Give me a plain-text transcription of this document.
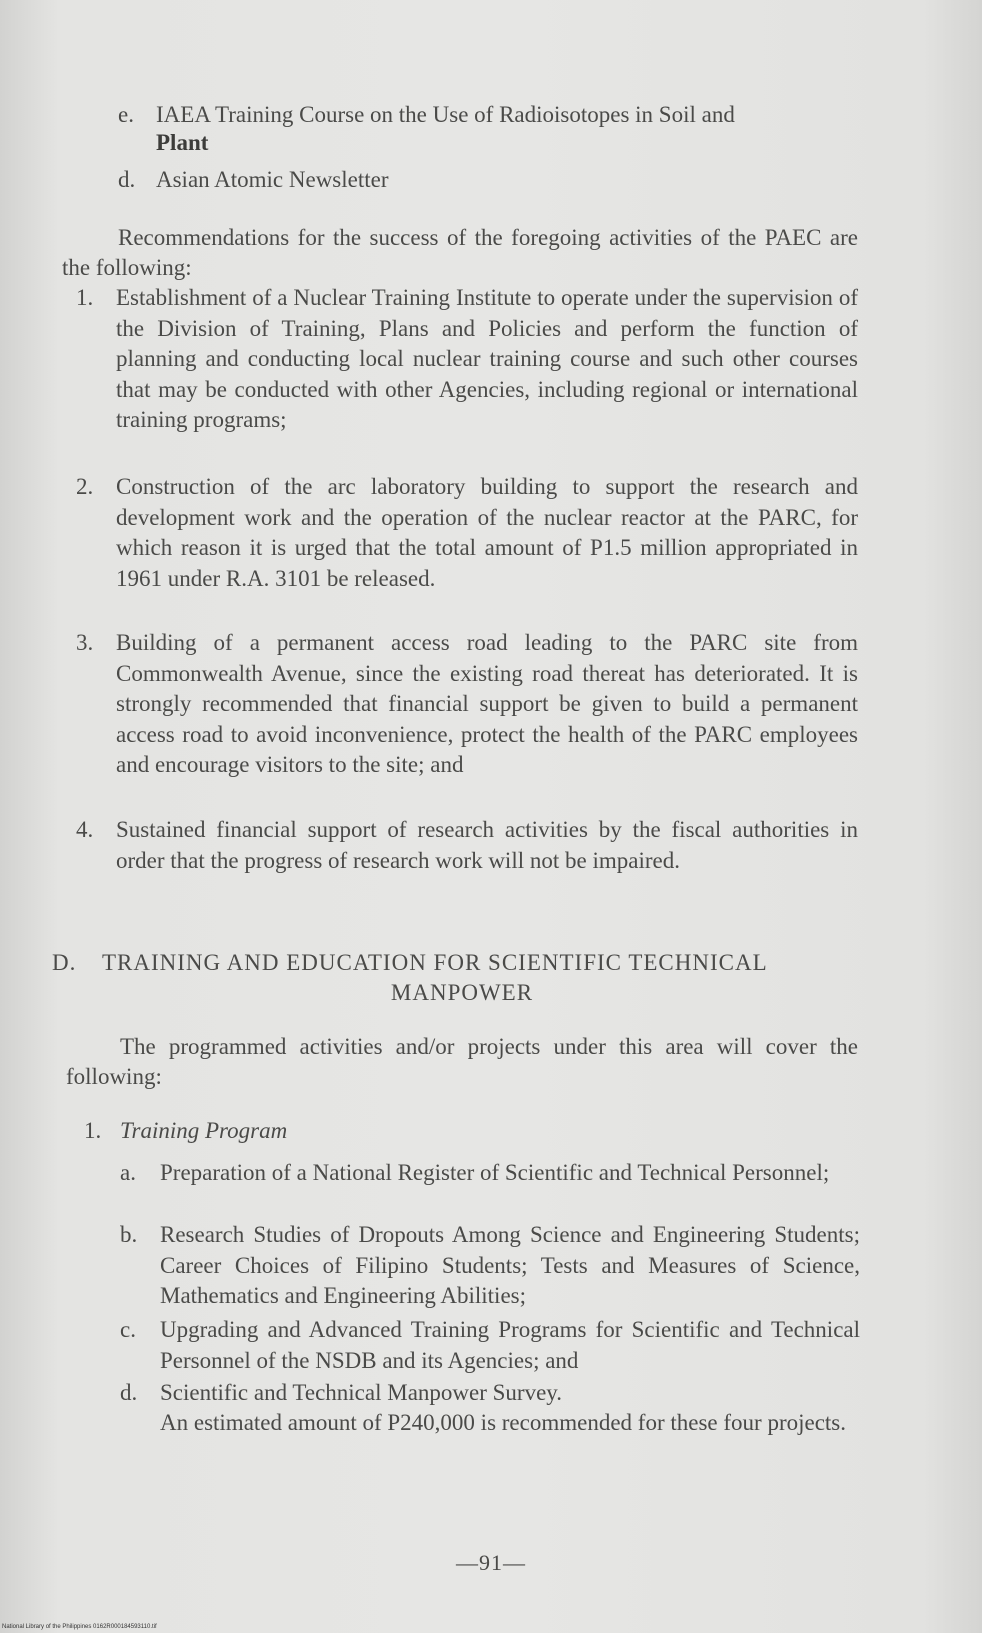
e. IAEA Training Course on the Use of Radioisotopes in Soil and
Plant
d. Asian Atomic Newsletter

Recommendations for the success of the foregoing activities of the PAEC are the following:

1. Establishment of a Nuclear Training Institute to operate under the supervision of the Division of Training, Plans and Policies and perform the function of planning and conducting local nuclear training course and such other courses that may be conducted with other Agencies, including regional or international training programs;
2. Construction of the arc laboratory building to support the research and development work and the operation of the nuclear reactor at the PARC, for which reason it is urged that the total amount of P1.5 million appropriated in 1961 under R.A. 3101 be released.
3. Building of a permanent access road leading to the PARC site from Commonwealth Avenue, since the existing road thereat has deteriorated. It is strongly recommended that financial support be given to build a permanent access road to avoid inconvenience, protect the health of the PARC employees and encourage visitors to the site; and
4. Sustained financial support of research activities by the fiscal authorities in order that the progress of research work will not be impaired.
D. TRAINING AND EDUCATION FOR SCIENTIFIC TECHNICAL
MANPOWER

The programmed activities and/or projects under this area will cover the following:

1. Training Program
a. Preparation of a National Register of Scientific and Technical Personnel;
b. Research Studies of Dropouts Among Science and Engineering Students; Career Choices of Filipino Students; Tests and Measures of Science, Mathematics and Engineering Abilities;
c. Upgrading and Advanced Training Programs for Scientific and Technical Personnel of the NSDB and its Agencies; and
d. Scientific and Technical Manpower Survey.

An estimated amount of P240,000 is recommended for these four projects.

—91—
National Library of the Philippines 0162R000184593110.tif
